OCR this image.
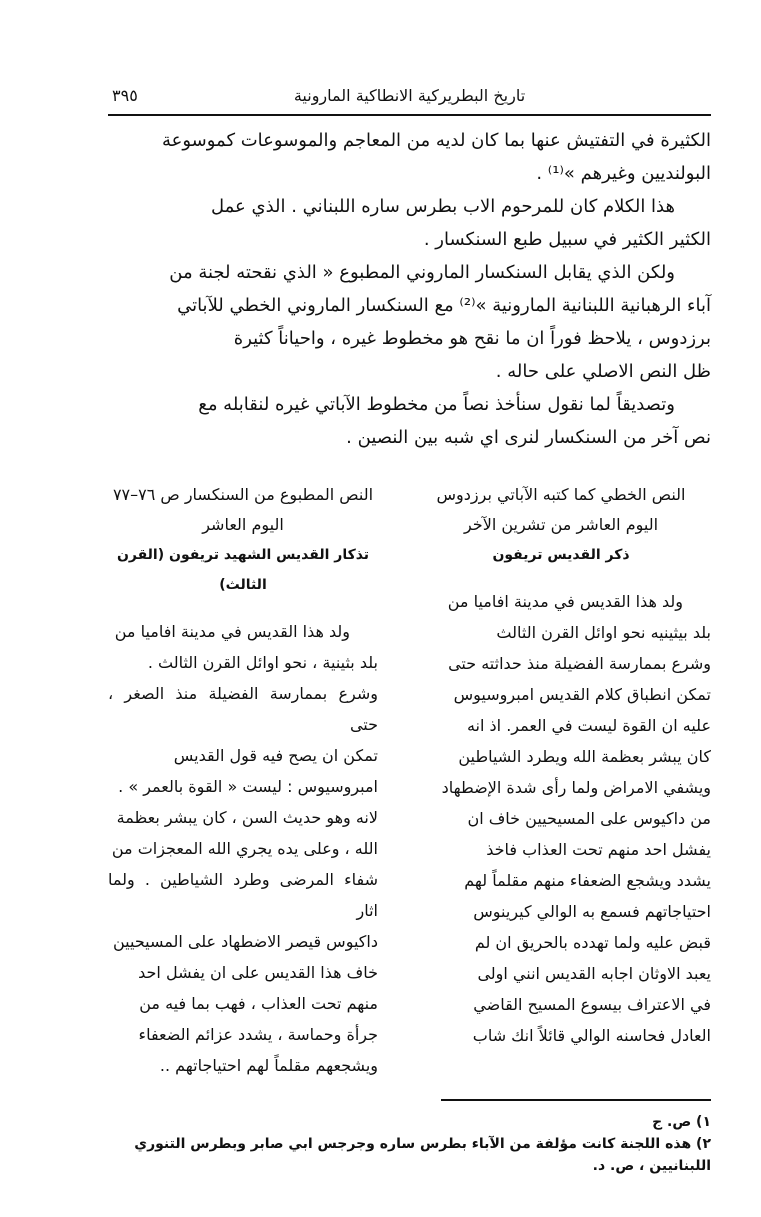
تاريخ البطريركية الانطاكية المارونية
٣٩٥
الكثيرة في التفتيش عنها بما كان لديه من المعاجم والموسوعات كموسوعة
البولنديين وغيرهم »⁽¹⁾ .
هذا الكلام كان للمرحوم الاب بطرس ساره اللبناني . الذي عمل
الكثير الكثير في سبيل طبع السنكسار .
ولكن الذي يقابل السنكسار الماروني المطبوع « الذي نقحته لجنة من
آباء الرهبانية اللبنانية المارونية »⁽²⁾ مع السنكسار الماروني الخطي للآباتي
برزدوس ، يلاحظ فوراً ان ما نقح هو مخطوط غيره ، واحياناً كثيرة
ظل النص الاصلي على حاله .
وتصديقاً لما نقول سنأخذ نصاً من مخطوط الآباتي غيره لنقابله مع
نص آخر من السنكسار لنرى اي شبه بين النصين .
النص الخطي كما كتبه الآباتي برزدوس
اليوم العاشر من تشرين الآخر
ذكر القديس تريفون
ولد هذا القديس في مدينة افاميا من
بلد بيثينيه نحو اوائل القرن الثالث
وشرع بممارسة الفضيلة منذ حداثته حتى
تمكن انطباق كلام القديس امبروسيوس
عليه ان القوة ليست في العمر. اذ انه
كان يبشر بعظمة الله ويطرد الشياطين
ويشفي الامراض ولما رأى شدة الإضطهاد
من داكيوس على المسيحيين خاف ان
يفشل احد منهم تحت العذاب فاخذ
يشدد ويشجع الضعفاء منهم مقلماً لهم
احتياجاتهم فسمع به الوالي كيرينوس
قبض عليه ولما تهدده بالحريق ان لم
يعبد الاوثان اجابه القديس انني اولى
في الاعتراف بيسوع المسيح القاضي
العادل فحاسنه الوالي قائلاً انك شاب
النص المطبوع من السنكسار ص ٧٦–٧٧
اليوم العاشر
تذكار القديس الشهيد تريفون (القرن الثالث)
ولد هذا القديس في مدينة افاميا من
بلد بثينية ، نحو اوائل القرن الثالث .
وشرع بممارسة الفضيلة منذ الصغر ، حتى
تمكن ان يصح فيه قول القديس
امبروسيوس : ليست « القوة بالعمر » .
لانه وهو حديث السن ، كان يبشر بعظمة
الله ، وعلى يده يجري الله المعجزات من
شفاء المرضى وطرد الشياطين . ولما اثار
داكيوس قيصر الاضطهاد على المسيحيين
خاف هذا القديس على ان يفشل احد
منهم تحت العذاب ، فهب بما فيه من
جرأة وحماسة ، يشدد عزائم الضعفاء
ويشجعهم مقلماً لهم احتياجاتهم ..
١) ص. ج
٢) هذه اللجنة كانت مؤلفة من الآباء بطرس ساره وجرجس ابي صابر وبطرس التنوري
اللبنانيين ، ص. د.
